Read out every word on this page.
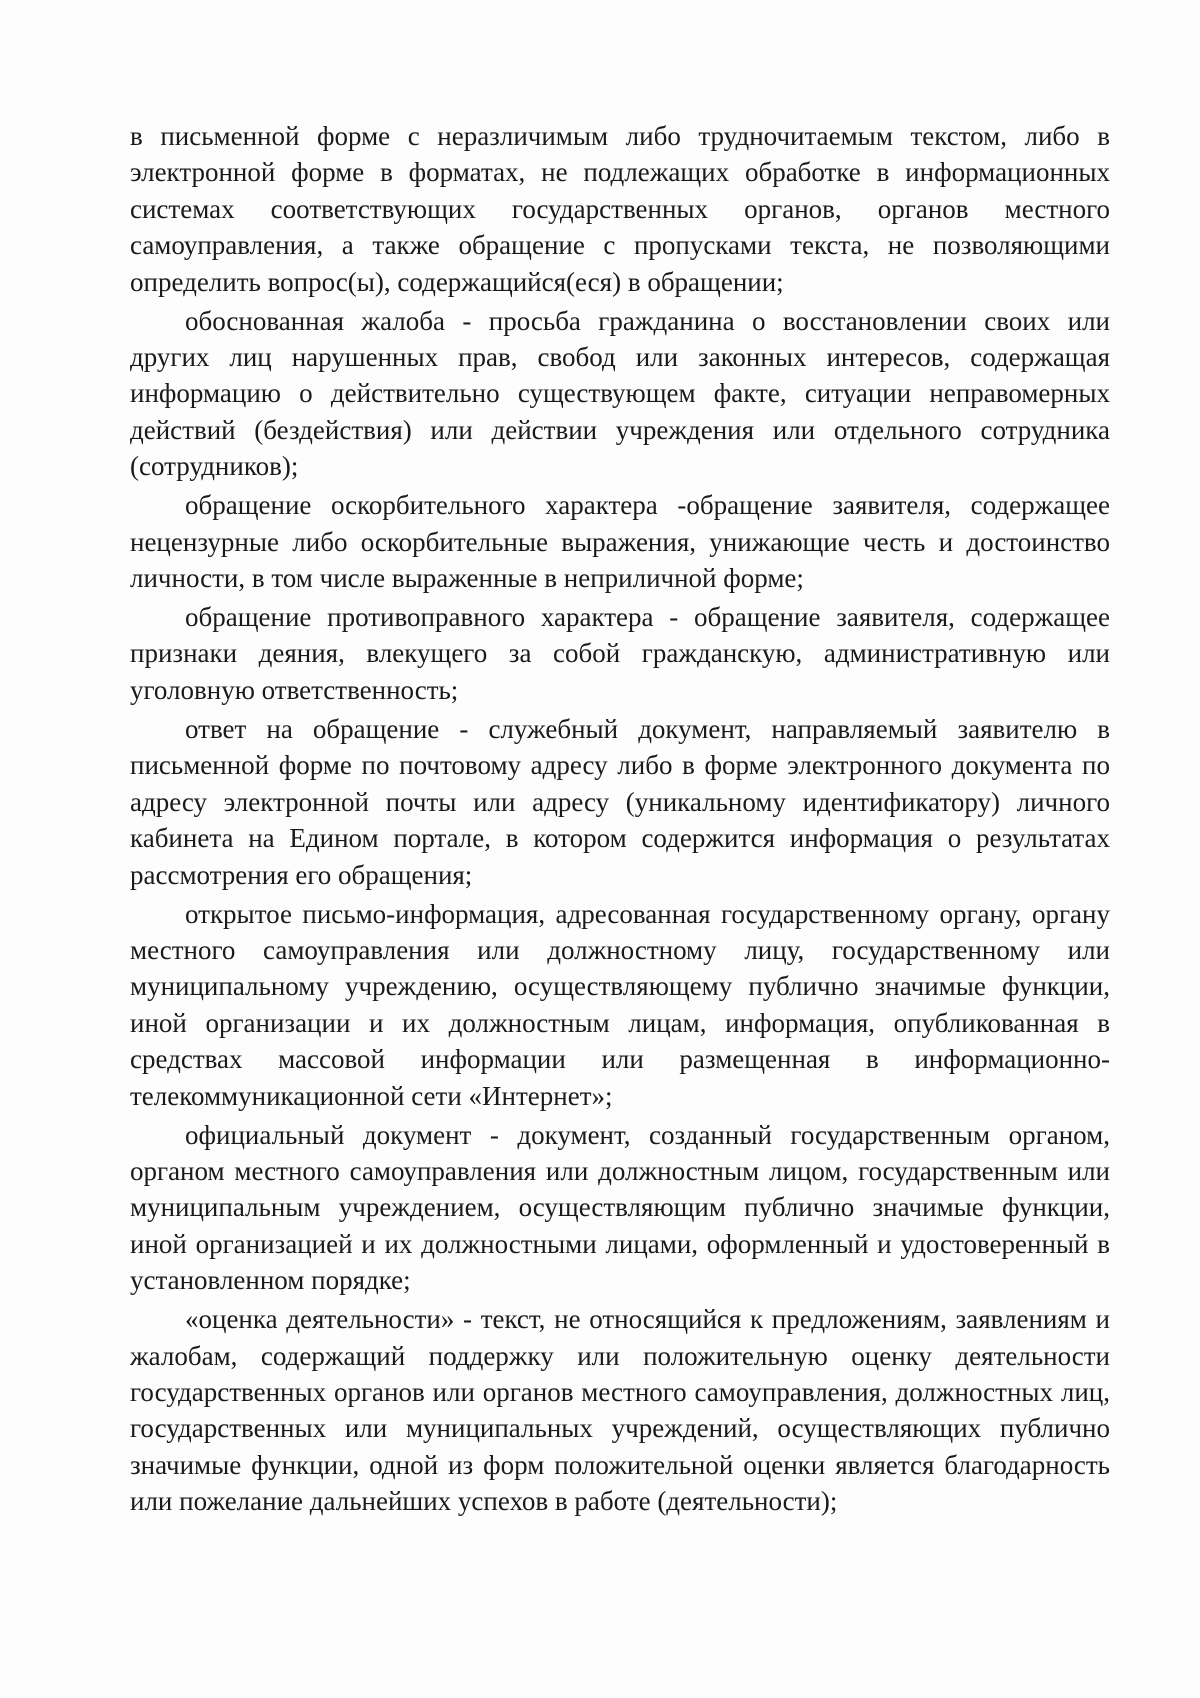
в письменной форме с неразличимым либо трудночитаемым текстом, либо в электронной форме в форматах, не подлежащих обработке в информационных системах соответствующих государственных органов, органов местного самоуправления, а также обращение с пропусками текста, не позволяющими определить вопрос(ы), содержащийся(еся) в обращении;

обоснованная жалоба - просьба гражданина о восстановлении своих или других лиц нарушенных прав, свобод или законных интересов, содержащая информацию о действительно существующем факте, ситуации неправомерных действий (бездействия) или действии учреждения или отдельного сотрудника (сотрудников);

обращение оскорбительного характера -обращение заявителя, содержащее нецензурные либо оскорбительные выражения, унижающие честь и достоинство личности, в том числе выраженные в неприличной форме;

обращение противоправного характера - обращение заявителя, содержащее признаки деяния, влекущего за собой гражданскую, административную или уголовную ответственность;

ответ на обращение - служебный документ, направляемый заявителю в письменной форме по почтовому адресу либо в форме электронного документа по адресу электронной почты или адресу (уникальному идентификатору) личного кабинета на Едином портале, в котором содержится информация о результатах рассмотрения его обращения;

открытое письмо-информация, адресованная государственному органу, органу местного самоуправления или должностному лицу, государственному или муниципальному учреждению, осуществляющему публично значимые функции, иной организации и их должностным лицам, информация, опубликованная в средствах массовой информации или размещенная в информационно-телекоммуникационной сети «Интернет»;

официальный документ - документ, созданный государственным органом, органом местного самоуправления или должностным лицом, государственным или муниципальным учреждением, осуществляющим публично значимые функции, иной организацией и их должностными лицами, оформленный и удостоверенный в установленном порядке;

«оценка деятельности» - текст, не относящийся к предложениям, заявлениям и жалобам, содержащий поддержку или положительную оценку деятельности государственных органов или органов местного самоуправления, должностных лиц, государственных или муниципальных учреждений, осуществляющих публично значимые функции, одной из форм положительной оценки является благодарность или пожелание дальнейших успехов в работе (деятельности);
